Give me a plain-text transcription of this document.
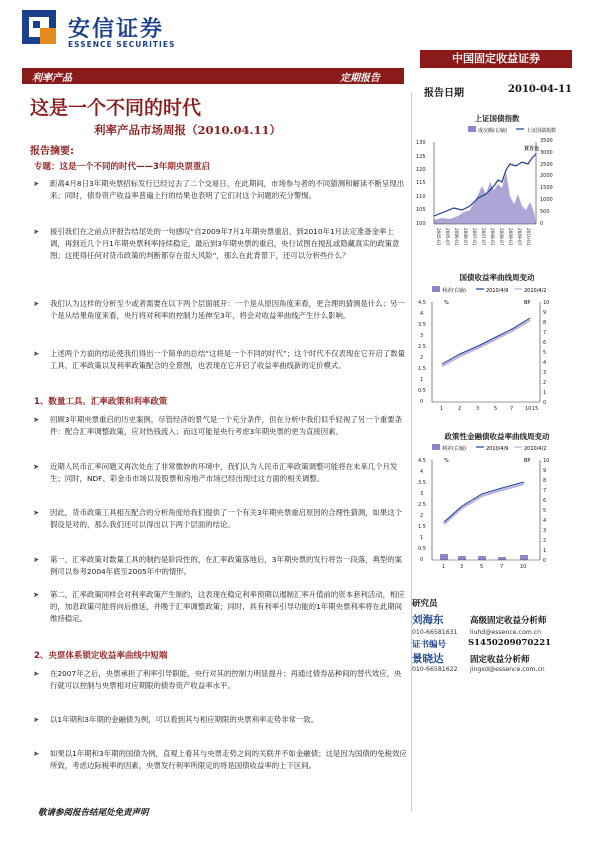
安信证券
ESSENCE SECURITIES
中国固定收益证券
利率产品	定期报告
报告日期	2010-04-11
这是一个不同的时代
利率产品市场周报（2010.04.11）
报告摘要:
专题：这是一个不同的时代——3年期央票重启
➤ 距离4月8日3年期央票招标发行已经过去了二个交易日，在此期间，市场参与者的不同猜测和解读不断呈现出来；同时，债券资产收益率普遍上行的结果也表明了它们对这个问题的充分警惕。
➤ 援引我们在之前点评报告结尾处的一句感叹“自2009年7月1年期央票重启，到2010年1月法定准备金率上调，再到近几个月1年期央票利率持续稳定，最后到3年期央票的重启，央行试图在搅乱或隐藏真实的政策意图；这使得任何对货币政策的判断都存在很大风险”，那么在此背景下，还可以分析些什么？
➤ 我们认为这样的分析至少或者需要在以下两个层面展开：一个是从原因角度来看，更合理的猜测是什么；另一个是从结果角度来看，央行将对利率的控制力延伸至3年，将会对收益率曲线产生什么影响。
➤ 上述两个方面的结论使我们得出一个简单的总结“这将是一个不同的时代”；这个时代不仅表现在它开启了数量工具、汇率政策以及利率政策配合的全景图，也表现在它开启了收益率曲线新的定价模式。
1、数量工具、汇率政策和利率政策
➤ 回顾3年期央票重启的历史案例，尽管经济的景气是一个充分条件，但在分析中我们似乎轻视了另一个重要条件：配合汇率调整政策，应对热钱流入；而这可能是央行考虑3年期央票的更为直接因素。
➤ 近期人民币汇率问题又再次处在了非常微妙的环境中，我们认为人民币汇率政策调整可能将在未来几个月发生；同时，NDF、彩金币市场以及股票和房地产市场已经出现过这方面的相关调整。
➤ 因此，货币政策工具相互配合的分析角度给我们提供了一个有关3年期央票重启原因的合理性猜测，如果这个假设是对的，那么我们还可以得出以下两个层面的结论。
➤ 第一，汇率政策对数量工具的制约是阶段性的，在汇率政策落地后，3年期央票的发行将告一段落，典型的案例可以参考2004年底至2005年中的情形。
➤ 第二，汇率政策同样会对利率政策产生制约，这表现在稳定利率预期以遏制汇率升值前的资本套利活动，相应的，加息政策可能将向后推延，并晚于汇率调整政策；同时，具有利率引导功能的1年期央票利率将在此期间维持稳定。
2、央票体系锁定收益率曲线中短端
➤ 在2007年之后，央票承担了利率引导职能，央行对其的控制力明显提升；再通过债券品种间的替代效应，央行就可以控制与央票相对应期限的债券资产收益率水平。
➤ 以1年期和3年期的金融债为例，可以看到其与相应期限的央票利率走势非常一致。
➤ 如果以1年期和3年期的国债为例，直观上看其与央票走势之间的关联并不如金融债；这是因为国债的免税效应所致，考虑边际税率的因素，央票发行利率所限定的将是国债收益率的上下区间。
敬请参阅报告结尾处免责声明
上证国债指数
成交额(右轴)	上证国债指数
百万元
130
125
120
115
110
105
100
3500
3000
2500
2000
1500
1000
500
0
2005-01 2005-07 2006-01 2006-07 2007-01 2007-07 2008-01 2008-07 2009-01 2009-07 2010-01
国债收益率曲线周变动
利差(右轴)	2010/4/9	2010/4/2
%	BP
4.5
4
3.5
3
2.5
2
1.5
1
0.5
0
10
9
8
7
6
5
4
3
2
1
0
1	2	3	5	7 10 15
政策性金融债收益率曲线周变动
利差(右轴)	2010/4/9	2010/4/2
%	BP
4.5
4
3.5
3
2.5
2
1.5
1
0.5
0
10
9
8
7
6
5
4
3
2
1
0
1	3	5	7	10
研究员
刘海东	高级固定收益分析师
010-66581631 liuhd@essence.com.cn
证书编号	S1450209070221
景晓达	固定收益分析师
010-66581622 jingxd@essence.com.cn
